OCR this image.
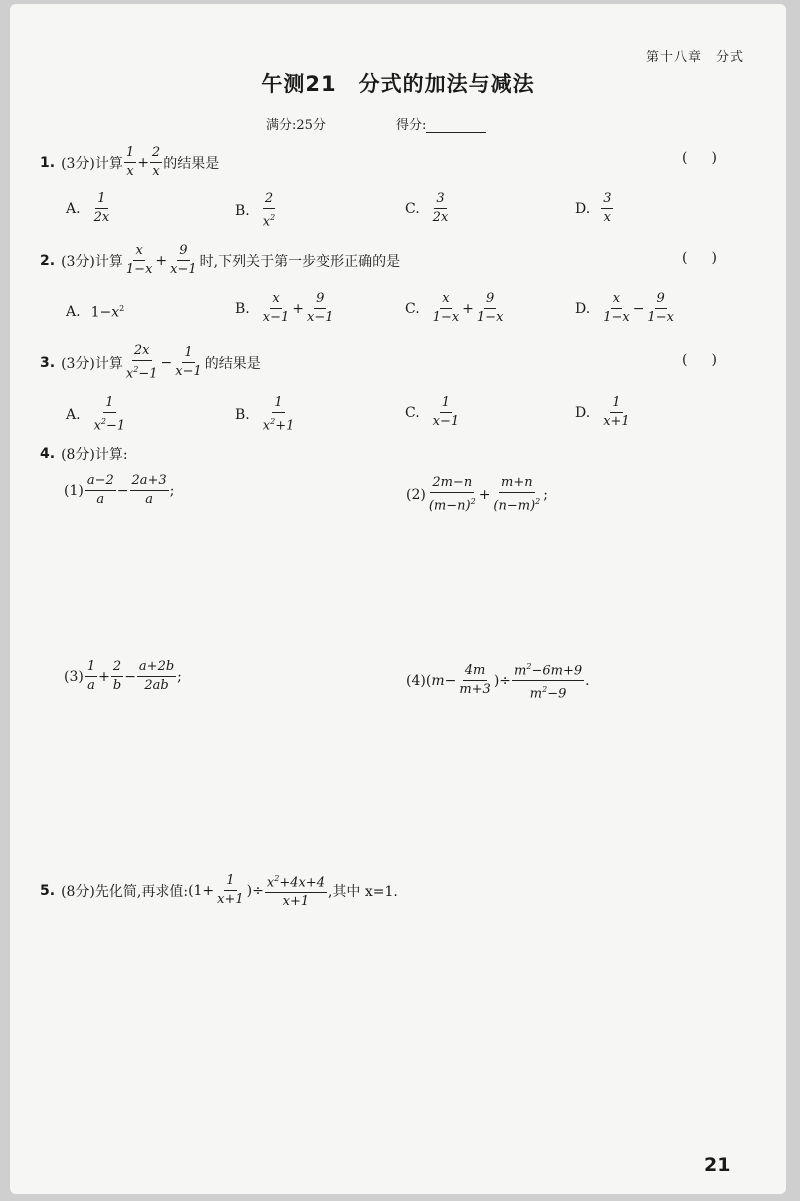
第十八章　分式
午测21　分式的加法与减法
满分:25分	得分:
1. (3分)计算 $\frac{1}{x} + \frac{2}{x}$ 的结果是	()
A. $\frac{1}{2x}$	B. $\frac{2}{x^2}$	C. $\frac{3}{2x}$	D. $\frac{3}{x}$
2. (3分)计算 $\frac{x}{1-x} + \frac{9}{x-1}$ 时,下列关于第一步变形正确的是	()
A. $1-x^2$	B. $\frac{x}{x-1} + \frac{9}{x-1}$	C. $\frac{x}{1-x} + \frac{9}{1-x}$	D. $\frac{x}{1-x} - \frac{9}{1-x}$
3. (3分)计算 $\frac{2x}{x^2-1} - \frac{1}{x-1}$ 的结果是	()
A. $\frac{1}{x^2-1}$	B. $\frac{1}{x^2+1}$	C. $\frac{1}{x-1}$	D. $\frac{1}{x+1}$
4. (8分)计算:
$(1) \frac{a-2}{a} - \frac{2a+3}{a}$ ;	$(2) \frac{2m-n}{(m-n)^2} + \frac{m+n}{(n-m)^2}$ ;
$(3) \frac{1}{a} + \frac{2}{b} - \frac{a+2b}{2ab}$ ;	(4) ($m- \frac{4m}{m+3}$ )÷ $\frac{m^2-6m+9}{m^2-9}$ .
5. (8分)先化简,再求值: ($1+ \frac{1}{x+1}$ )÷ $\frac{x^2+4x+4}{x+1}$ ,其中 x=1.
21
